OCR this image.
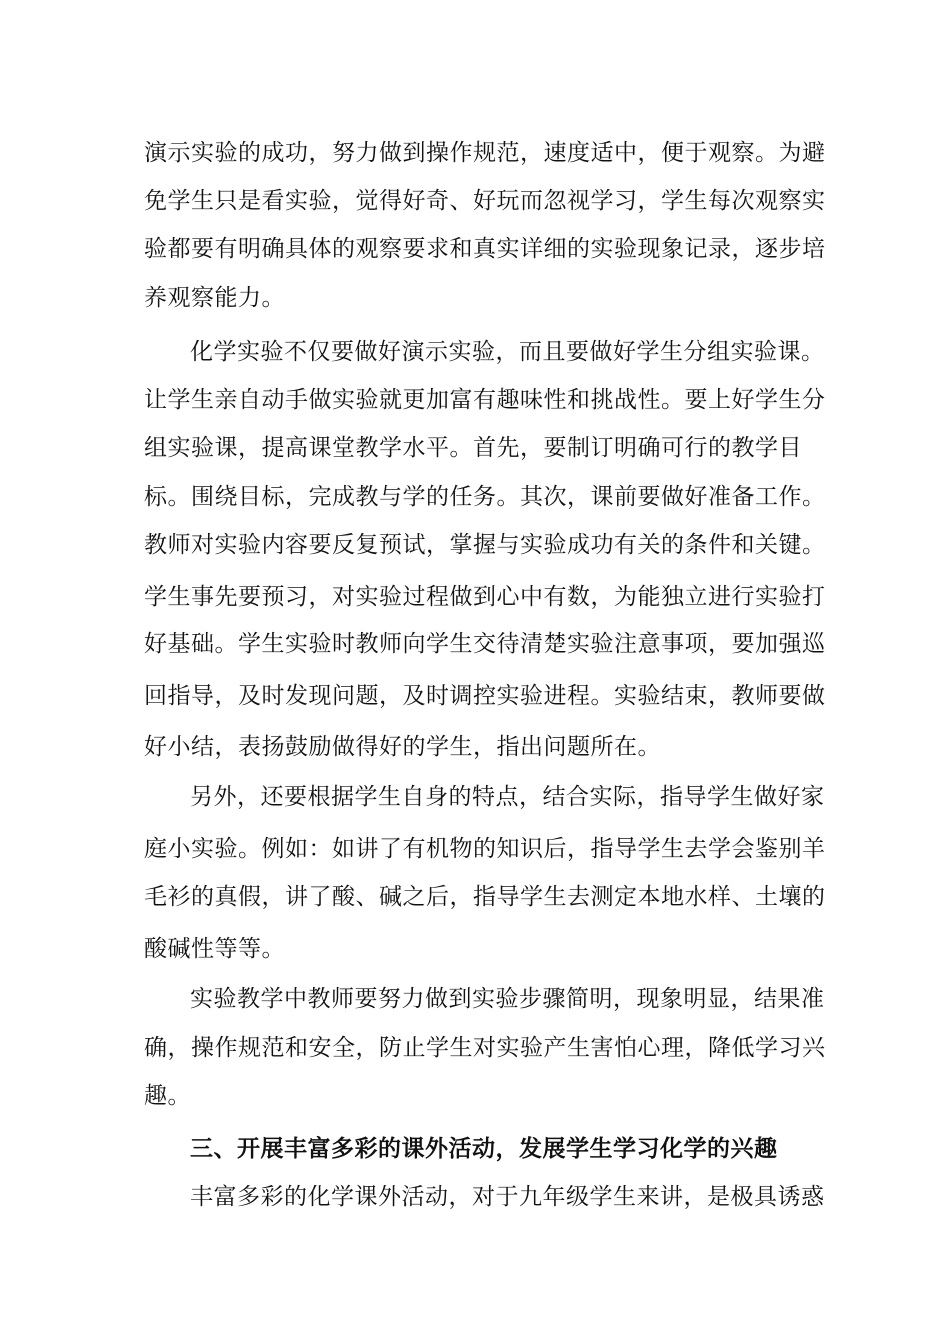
演示实验的成功，努力做到操作规范，速度适中，便于观察。为避
免学生只是看实验，觉得好奇、好玩而忽视学习，学生每次观察实
验都要有明确具体的观察要求和真实详细的实验现象记录，逐步培
养观察能力。
化学实验不仅要做好演示实验，而且要做好学生分组实验课。
让学生亲自动手做实验就更加富有趣味性和挑战性。要上好学生分
组实验课，提高课堂教学水平。首先，要制订明确可行的教学目
标。围绕目标，完成教与学的任务。其次，课前要做好准备工作。
教师对实验内容要反复预试，掌握与实验成功有关的条件和关键。
学生事先要预习，对实验过程做到心中有数，为能独立进行实验打
好基础。学生实验时教师向学生交待清楚实验注意事项，要加强巡
回指导，及时发现问题，及时调控实验进程。实验结束，教师要做
好小结，表扬鼓励做得好的学生，指出问题所在。
另外，还要根据学生自身的特点，结合实际，指导学生做好家
庭小实验。例如：如讲了有机物的知识后，指导学生去学会鉴别羊
毛衫的真假，讲了酸、碱之后，指导学生去测定本地水样、土壤的
酸碱性等等。
实验教学中教师要努力做到实验步骤简明，现象明显，结果准
确，操作规范和安全，防止学生对实验产生害怕心理，降低学习兴
趣。
三、开展丰富多彩的课外活动，发展学生学习化学的兴趣
丰富多彩的化学课外活动，对于九年级学生来讲，是极具诱惑
